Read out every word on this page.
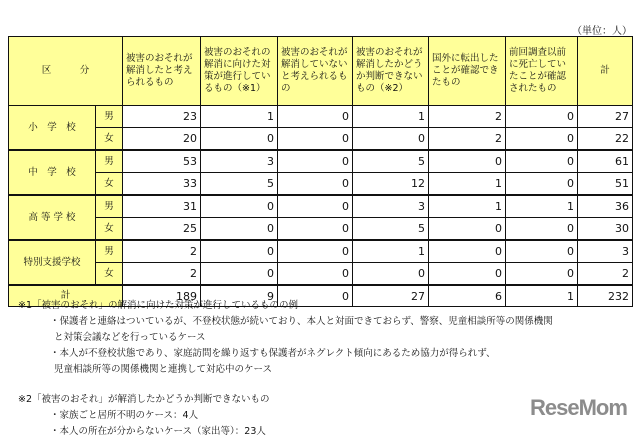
（単位：人）
区　　　分		被害のおそれが解消したと考えられるもの	被害のおそれの解消に向けた対策が進行しているもの（※1）	被害のおそれが解消していないと考えられるもの	被害のおそれが解消したかどうか判断できないもの（※2）	国外に転出したことが確認できたもの	前回調査以前に死亡していたことが確認されたもの	計
小　学　校	男	23	1	0	1	2	0	27
	女	20	0	0	0	2	0	22
中　学　校	男	53	3	0	5	0	0	61
	女	33	5	0	12	1	0	51
高 等 学 校	男	31	0	0	3	1	1	36
	女	25	0	0	5	0	0	30
特別支援学校	男	2	0	0	1	0	0	3
	女	2	0	0	0	0	0	2
計		189	9	0	27	6	1	232
※1「被害のおそれ」の解消に向けた対策が進行しているものの例
・保護者と連絡はついているが、不登校状態が続いており、本人と対面できておらず、警察、児童相談所等の関係機関
と対策会議などを行っているケース
・本人が不登校状態であり、家庭訪問を繰り返すも保護者がネグレクト傾向にあるため協力が得られず、
児童相談所等の関係機関と連携して対応中のケース
※2「被害のおそれ」が解消したかどうか判断できないもの
・家族ごと居所不明のケース：4人
・本人の所在が分からないケース（家出等）：23人
ReseMom
